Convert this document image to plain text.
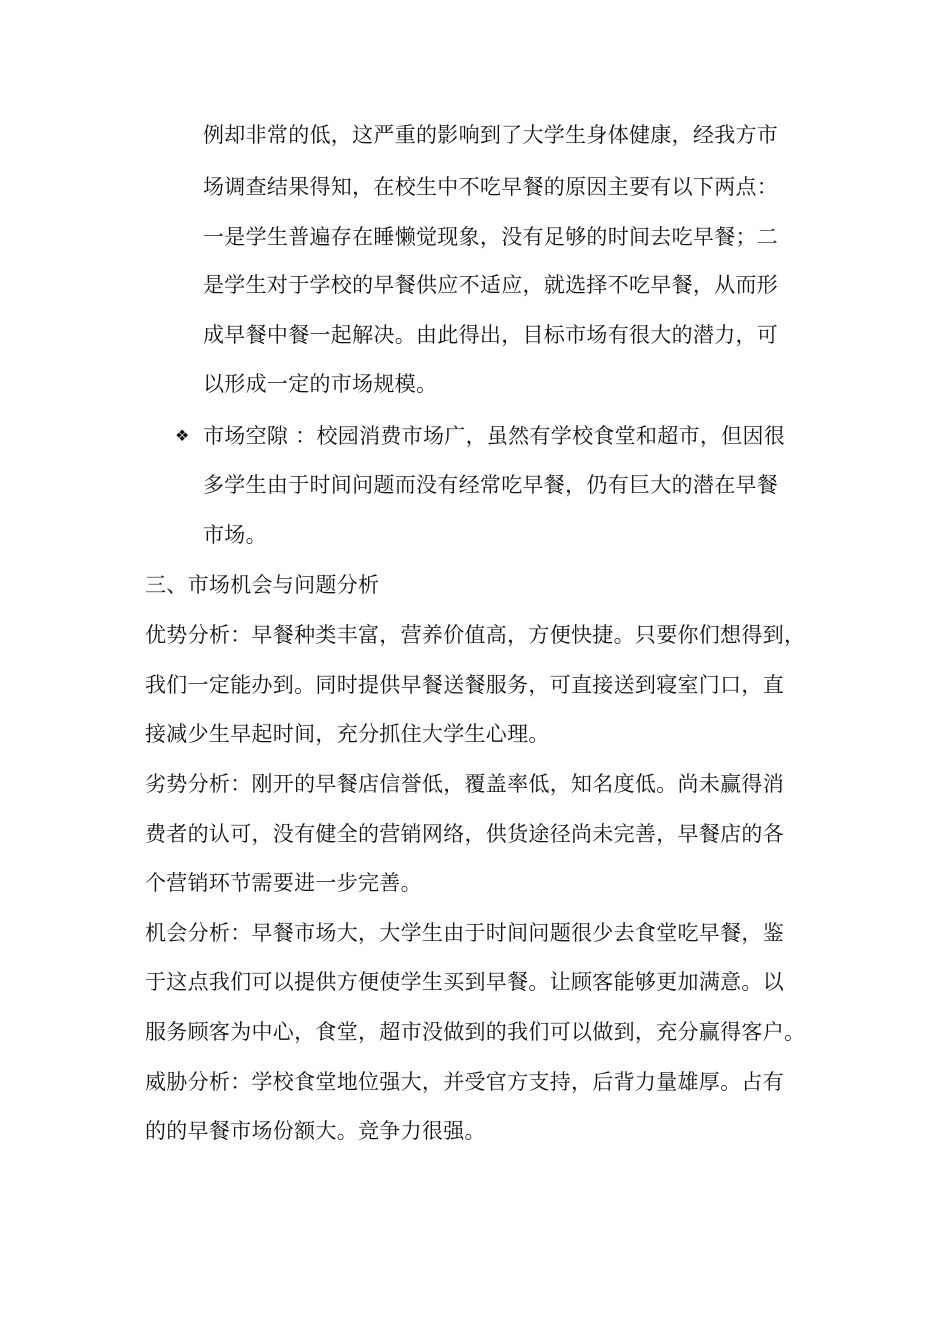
例却非常的低，这严重的影响到了大学生身体健康，经我方市
场调查结果得知，在校生中不吃早餐的原因主要有以下两点：
一是学生普遍存在睡懒觉现象，没有足够的时间去吃早餐；二
是学生对于学校的早餐供应不适应，就选择不吃早餐，从而形
成早餐中餐一起解决。由此得出，目标市场有很大的潜力，可
以形成一定的市场规模。
❖ 市场空隙 ：校园消费市场广，虽然有学校食堂和超市，但因很
多学生由于时间问题而没有经常吃早餐，仍有巨大的潜在早餐
市场。
三、市场机会与问题分析
优势分析：早餐种类丰富，营养价值高，方便快捷。只要你们想得到，
我们一定能办到。同时提供早餐送餐服务，可直接送到寝室门口，直
接减少生早起时间，充分抓住大学生心理。
劣势分析：刚开的早餐店信誉低，覆盖率低，知名度低。尚未赢得消
费者的认可，没有健全的营销网络，供货途径尚未完善，早餐店的各
个营销环节需要进一步完善。
机会分析：早餐市场大，大学生由于时间问题很少去食堂吃早餐，鉴
于这点我们可以提供方便使学生买到早餐。让顾客能够更加满意。以
服务顾客为中心，食堂，超市没做到的我们可以做到，充分赢得客户。
威胁分析：学校食堂地位强大，并受官方支持，后背力量雄厚。占有
的的早餐市场份额大。竞争力很强。
